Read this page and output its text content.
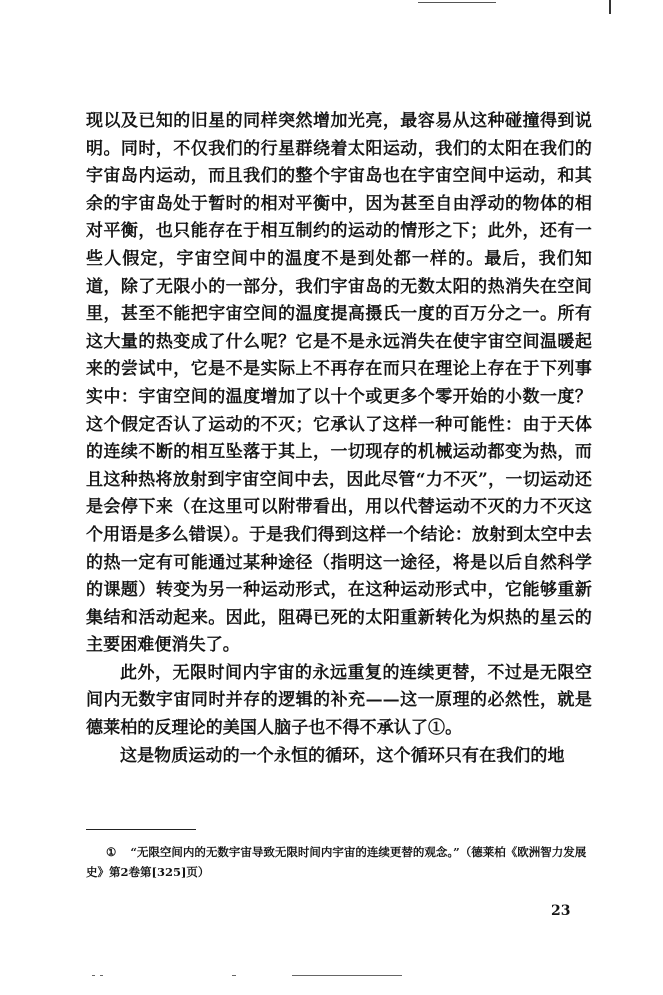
现以及已知的旧星的同样突然增加光亮，最容易从这种碰撞得到说明。同时，不仅我们的行星群绕着太阳运动，我们的太阳在我们的宇宙岛内运动，而且我们的整个宇宙岛也在宇宙空间中运动，和其余的宇宙岛处于暂时的相对平衡中，因为甚至自由浮动的物体的相对平衡，也只能存在于相互制约的运动的情形之下；此外，还有一些人假定，宇宙空间中的温度不是到处都一样的。最后，我们知道，除了无限小的一部分，我们宇宙岛的无数太阳的热消失在空间里，甚至不能把宇宙空间的温度提高摄氏一度的百万分之一。所有这大量的热变成了什么呢？它是不是永远消失在使宇宙空间温暖起来的尝试中，它是不是实际上不再存在而只在理论上存在于下列事实中：宇宙空间的温度增加了以十个或更多个零开始的小数一度？这个假定否认了运动的不灭；它承认了这样一种可能性：由于天体的连续不断的相互坠落于其上，一切现存的机械运动都变为热，而且这种热将放射到宇宙空间中去，因此尽管“力不灭”，一切运动还是会停下来（在这里可以附带看出，用以代替运动不灭的力不灭这个用语是多么错误）。于是我们得到这样一个结论：放射到太空中去的热一定有可能通过某种途径（指明这一途径，将是以后自然科学的课题）转变为另一种运动形式，在这种运动形式中，它能够重新集结和活动起来。因此，阻碍已死的太阳重新转化为炽热的星云的主要困难便消失了。

此外，无限时间内宇宙的永远重复的连续更替，不过是无限空间内无数宇宙同时并存的逻辑的补充——这一原理的必然性，就是德莱柏的反理论的美国人脑子也不得不承认了①。

这是物质运动的一个永恒的循环，这个循环只有在我们的地

① “无限空间内的无数宇宙导致无限时间内宇宙的连续更替的观念。”（德莱柏《欧洲智力发展史》第2卷第[325]页）
23
